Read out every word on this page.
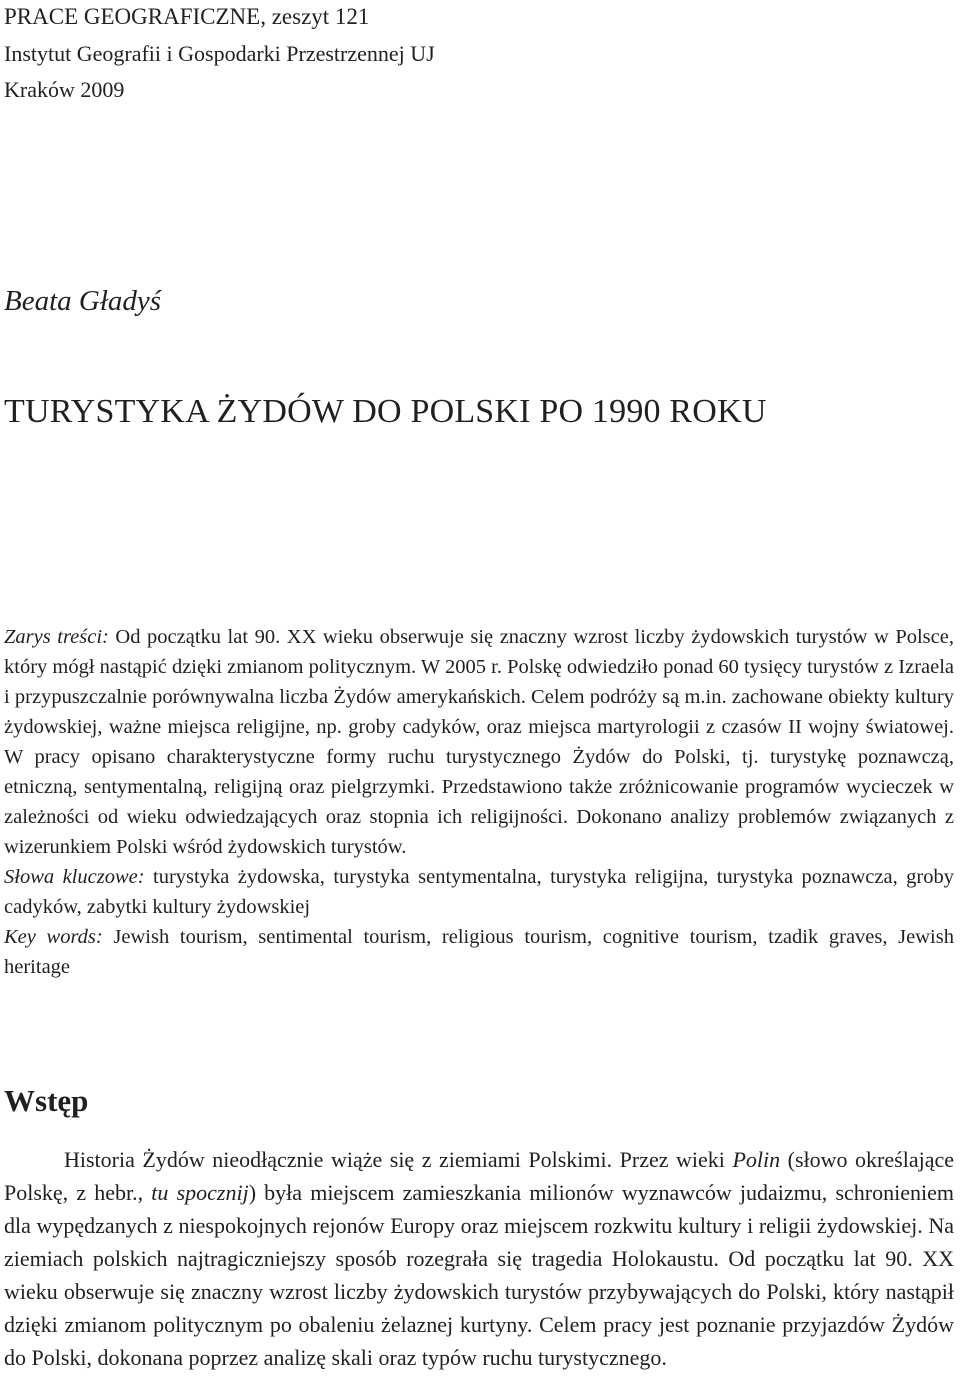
PRACE GEOGRAFICZNE, zeszyt 121
Instytut Geografii i Gospodarki Przestrzennej UJ
Kraków 2009
Beata Gładyś
TURYSTYKA ŻYDÓW DO POLSKI PO 1990 ROKU

Zarys treści: Od początku lat 90. XX wieku obserwuje się znaczny wzrost liczby żydowskich turystów w Polsce, który mógł nastąpić dzięki zmianom politycznym. W 2005 r. Polskę odwiedziło ponad 60 tysięcy turystów z Izraela i przypuszczalnie porównywalna liczba Żydów amerykańskich. Celem podróży są m.in. zachowane obiekty kultury żydowskiej, ważne miejsca religijne, np. groby cadyków, oraz miejsca martyrologii z czasów II wojny światowej. W pracy opisano charakterystyczne formy ruchu turystycznego Żydów do Polski, tj. turystykę poznawczą, etniczną, sentymentalną, religijną oraz pielgrzymki. Przedstawiono także zróżnicowanie programów wycieczek w zależności od wieku odwiedzających oraz stopnia ich religijności. Dokonano analizy problemów związanych z wizerunkiem Polski wśród żydowskich turystów.

Słowa kluczowe: turystyka żydowska, turystyka sentymentalna, turystyka religijna, turystyka poznawcza, groby cadyków, zabytki kultury żydowskiej

Key words: Jewish tourism, sentimental tourism, religious tourism, cognitive tourism, tzadik graves, Jewish heritage

Wstęp

Historia Żydów nieodłącznie wiąże się z ziemiami Polskimi. Przez wieki Polin (słowo określające Polskę, z hebr., tu spocznij) była miejscem zamieszkania milionów wyznawców judaizmu, schronieniem dla wypędzanych z niespokojnych rejonów Europy oraz miejscem rozkwitu kultury i religii żydowskiej. Na ziemiach polskich najtragiczniejszy sposób rozegrała się tragedia Holokaustu. Od początku lat 90. XX wieku obserwuje się znaczny wzrost liczby żydowskich turystów przybywających do Polski, który nastąpił dzięki zmianom politycznym po obaleniu żelaznej kurtyny. Celem pracy jest poznanie przyjazdów Żydów do Polski, dokonana poprzez analizę skali oraz typów ruchu turystycznego.
